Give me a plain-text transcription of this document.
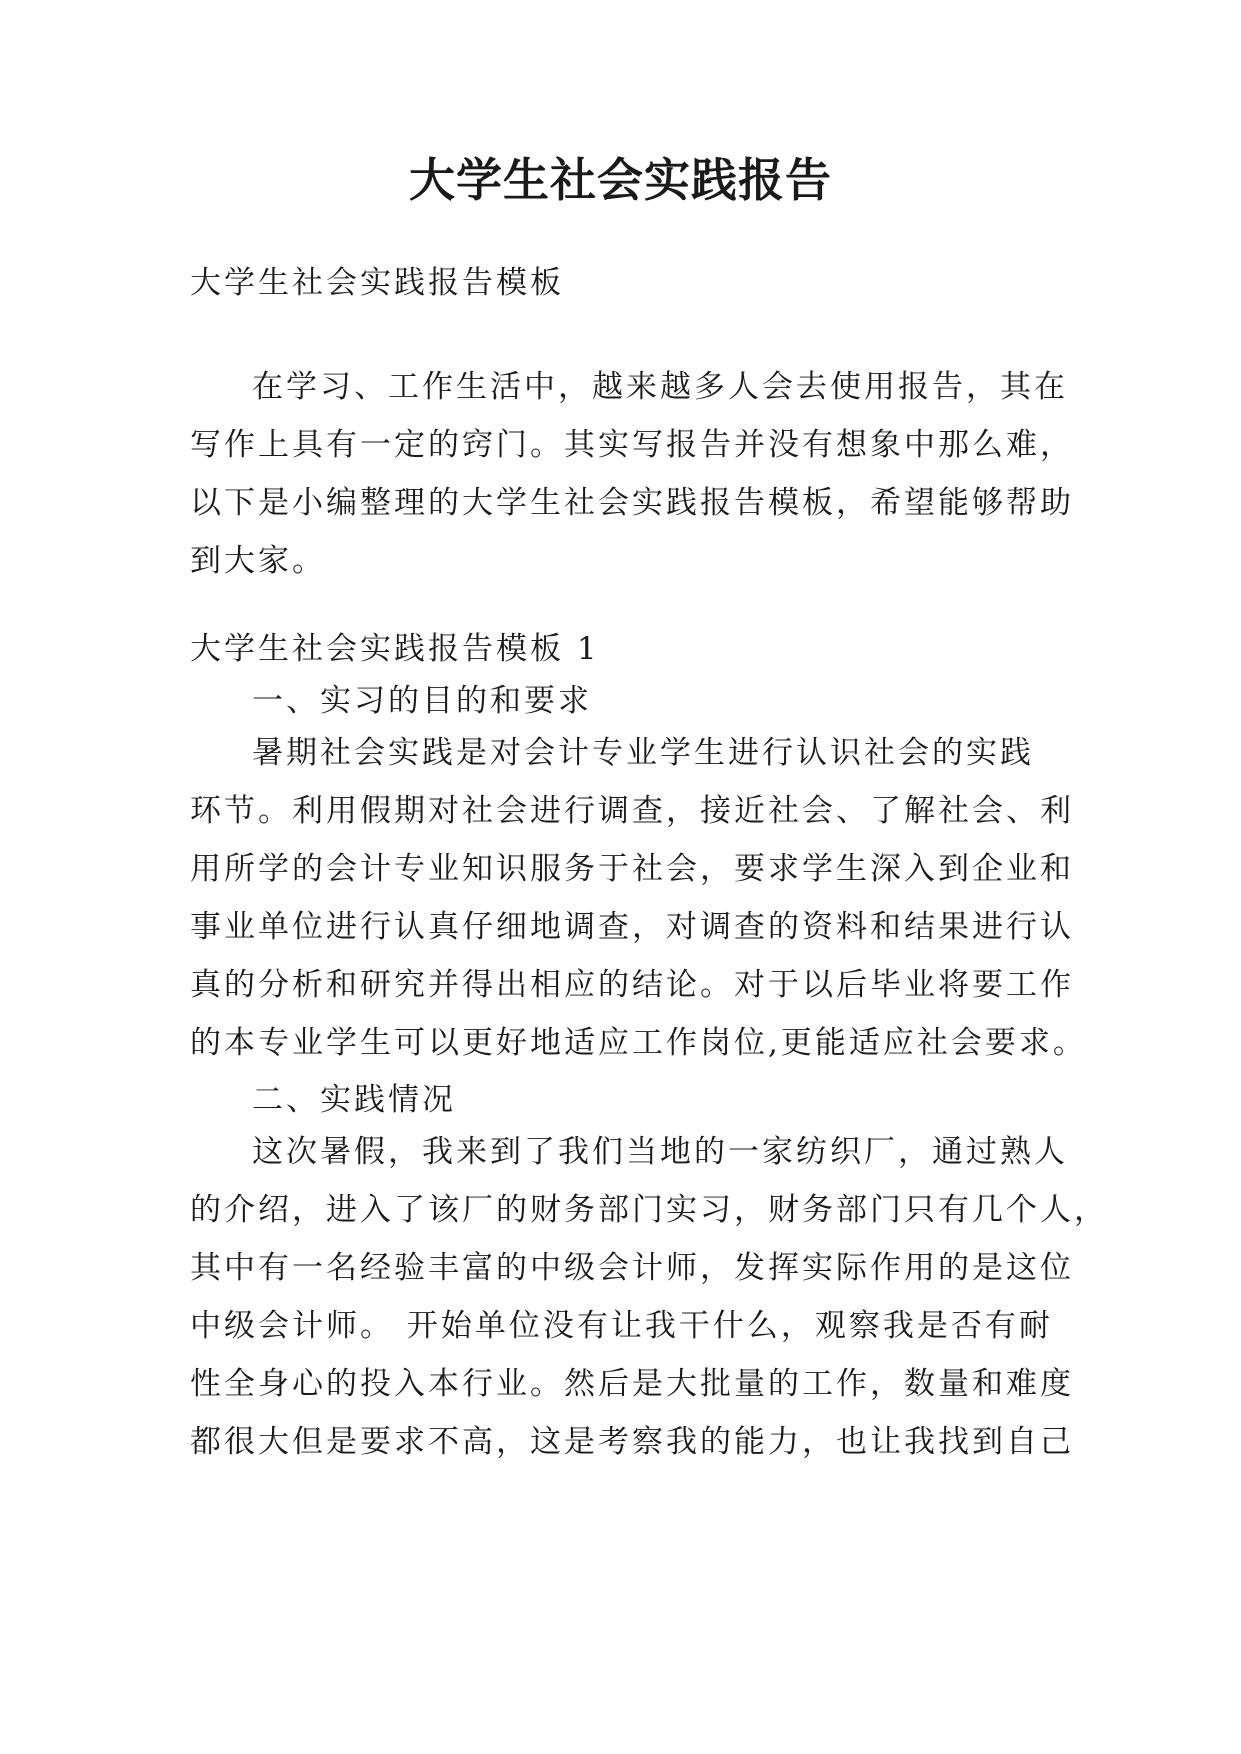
大学生社会实践报告

大学生社会实践报告模板

在学习、工作生活中，越来越多人会去使用报告，其在
写作上具有一定的窍门。其实写报告并没有想象中那么难，
以下是小编整理的大学生社会实践报告模板，希望能够帮助
到大家。

大学生社会实践报告模板 1

一、实习的目的和要求

暑期社会实践是对会计专业学生进行认识社会的实践
环节。利用假期对社会进行调查，接近社会、了解社会、利
用所学的会计专业知识服务于社会，要求学生深入到企业和
事业单位进行认真仔细地调查，对调查的资料和结果进行认
真的分析和研究并得出相应的结论。对于以后毕业将要工作
的本专业学生可以更好地适应工作岗位,更能适应社会要求。

二、实践情况

这次暑假，我来到了我们当地的一家纺织厂，通过熟人
的介绍，进入了该厂的财务部门实习，财务部门只有几个人，
其中有一名经验丰富的中级会计师，发挥实际作用的是这位
中级会计师。 开始单位没有让我干什么，观察我是否有耐
性全身心的投入本行业。然后是大批量的工作，数量和难度
都很大但是要求不高，这是考察我的能力，也让我找到自己
